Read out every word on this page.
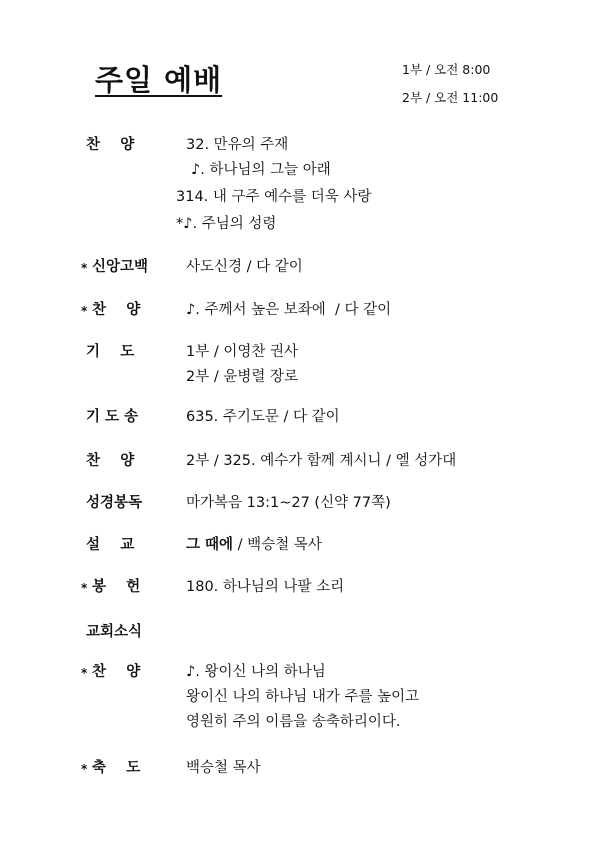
주일 예배	1부 / 오전 8:00
2부 / 오전 11:00
찬    양	32. 만유의 주재
♪. 하나님의 그늘 아래
314. 내 구주 예수를 더욱 사랑
*♪. 주님의 성령
* 신앙고백	사도신경 / 다 같이
* 찬    양	♪. 주께서 높은 보좌에  / 다 같이
기    도	1부 / 이영찬 권사
2부 / 윤병렬 장로
기 도 송	635. 주기도문 / 다 같이
찬    양	2부 / 325. 예수가 함께 계시니 / 엘 성가대
성경봉독	마가복음 13:1~27 (신약 77쪽)
설    교	그 때에 / 백승철 목사
* 봉    헌	180. 하나님의 나팔 소리
교회소식
* 찬    양	♪. 왕이신 나의 하나님
왕이신 나의 하나님 내가 주를 높이고
영원히 주의 이름을 송축하리이다.
* 축    도	백승철 목사
